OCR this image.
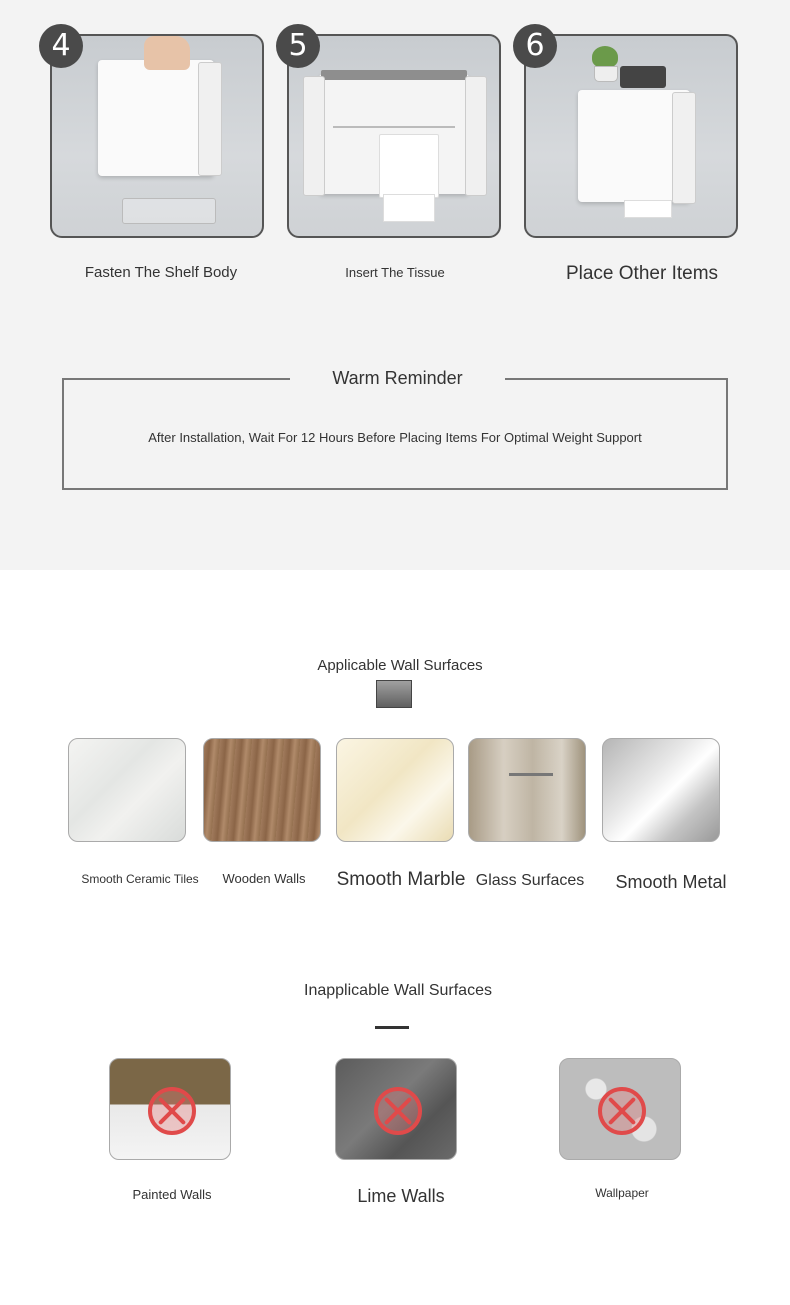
4
Fasten The Shelf Body
5
Insert The Tissue
6
Place Other Items
Warm Reminder
After Installation, Wait For 12 Hours Before Placing Items For Optimal Weight Support
Applicable Wall Surfaces
Smooth Ceramic Tiles	Wooden Walls	Smooth Marble Glass Surfaces	Smooth Metal
Inapplicable Wall Surfaces
Painted Walls	Lime Walls	Wallpaper
